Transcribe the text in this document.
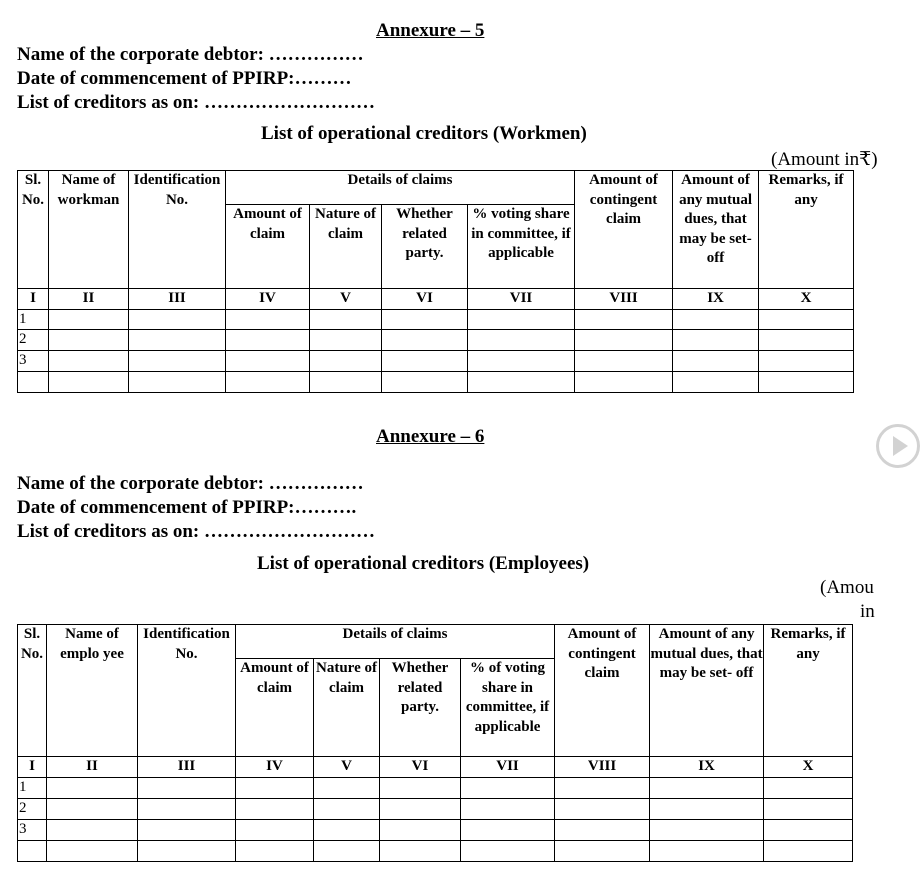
Annexure – 5
Name of the corporate debtor: ……………
Date of commencement of PPIRP:………
List of creditors as on: ………………………
List of operational creditors (Workmen)
(Amount in₹)
Sl. No.	Name of workman	Identification No.	Details of claims				Amount of contingent claim	Amount of any mutual dues, that may be set-off	Remarks, if any
			Amount of claim	Nature of claim	Whether related party.	% voting share in committee, if applicable			
I	II	III	IV	V	VI	VII	VIII	IX	X
1									
2									
3									

Annexure – 6
Name of the corporate debtor: ……………
Date of commencement of PPIRP:……….
List of creditors as on: ………………………
List of operational creditors (Employees)
(Amou
in
Sl. No.	Name of emplo yee	Identification No.	Details of claims				Amount of contingent claim	Amount of any mutual dues, that may be set- off	Remarks, if any
			Amount of claim	Nature of claim	Whether related party.	% of voting share in committee, if applicable			
I	II	III	IV	V	VI	VII	VIII	IX	X
1									
2									
3									
